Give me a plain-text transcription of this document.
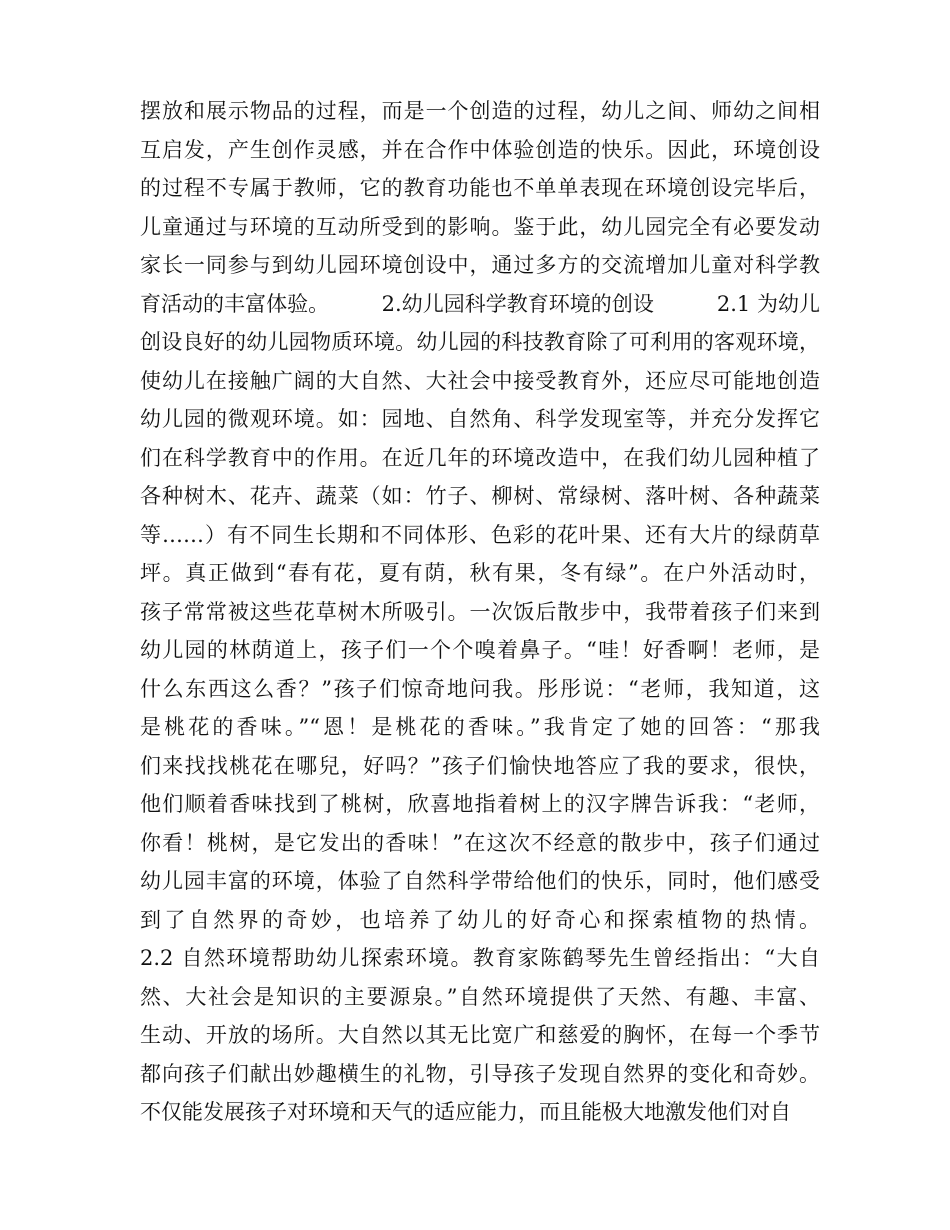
摆放和展示物品的过程，而是一个创造的过程，幼儿之间、师幼之间相
互启发，产生创作灵感，并在合作中体验创造的快乐。因此，环境创设
的过程不专属于教师，它的教育功能也不单单表现在环境创设完毕后，
儿童通过与环境的互动所受到的影响。鉴于此，幼儿园完全有必要发动
家长一同参与到幼儿园环境创设中，通过多方的交流增加儿童对科学教
育活动的丰富体验。　　　2.幼儿园科学教育环境的创设　　　2.1 为幼儿
创设良好的幼儿园物质环境。幼儿园的科技教育除了可利用的客观环境，
使幼儿在接触广阔的大自然、大社会中接受教育外，还应尽可能地创造
幼儿园的微观环境。如：园地、自然角、科学发现室等，并充分发挥它
们在科学教育中的作用。在近几年的环境改造中，在我们幼儿园种植了
各种树木、花卉、蔬菜（如：竹子、柳树、常绿树、落叶树、各种蔬菜
等……）有不同生长期和不同体形、色彩的花叶果、还有大片的绿荫草
坪。真正做到“春有花，夏有荫，秋有果，冬有绿”。在户外活动时，
孩子常常被这些花草树木所吸引。一次饭后散步中，我带着孩子们来到
幼儿园的林荫道上，孩子们一个个嗅着鼻子。“哇！好香啊！老师，是
什么东西这么香？”孩子们惊奇地问我。彤彤说：“老师，我知道，这
是桃花的香味。”“恩！是桃花的香味。”我肯定了她的回答：“那我
们来找找桃花在哪兒，好吗？”孩子们愉快地答应了我的要求，很快，
他们顺着香味找到了桃树，欣喜地指着树上的汉字牌告诉我：“老师，
你看！桃树，是它发出的香味！”在这次不经意的散步中，孩子们通过
幼儿园丰富的环境，体验了自然科学带给他们的快乐，同时，他们感受
到了自然界的奇妙，也培养了幼儿的好奇心和探索植物的热情。
2.2 自然环境帮助幼儿探索环境。教育家陈鹤琴先生曾经指出：“大自
然、大社会是知识的主要源泉。”自然环境提供了天然、有趣、丰富、
生动、开放的场所。大自然以其无比宽广和慈爱的胸怀，在每一个季节
都向孩子们献出妙趣横生的礼物，引导孩子发现自然界的变化和奇妙。
不仅能发展孩子对环境和天气的适应能力，而且能极大地激发他们对自
